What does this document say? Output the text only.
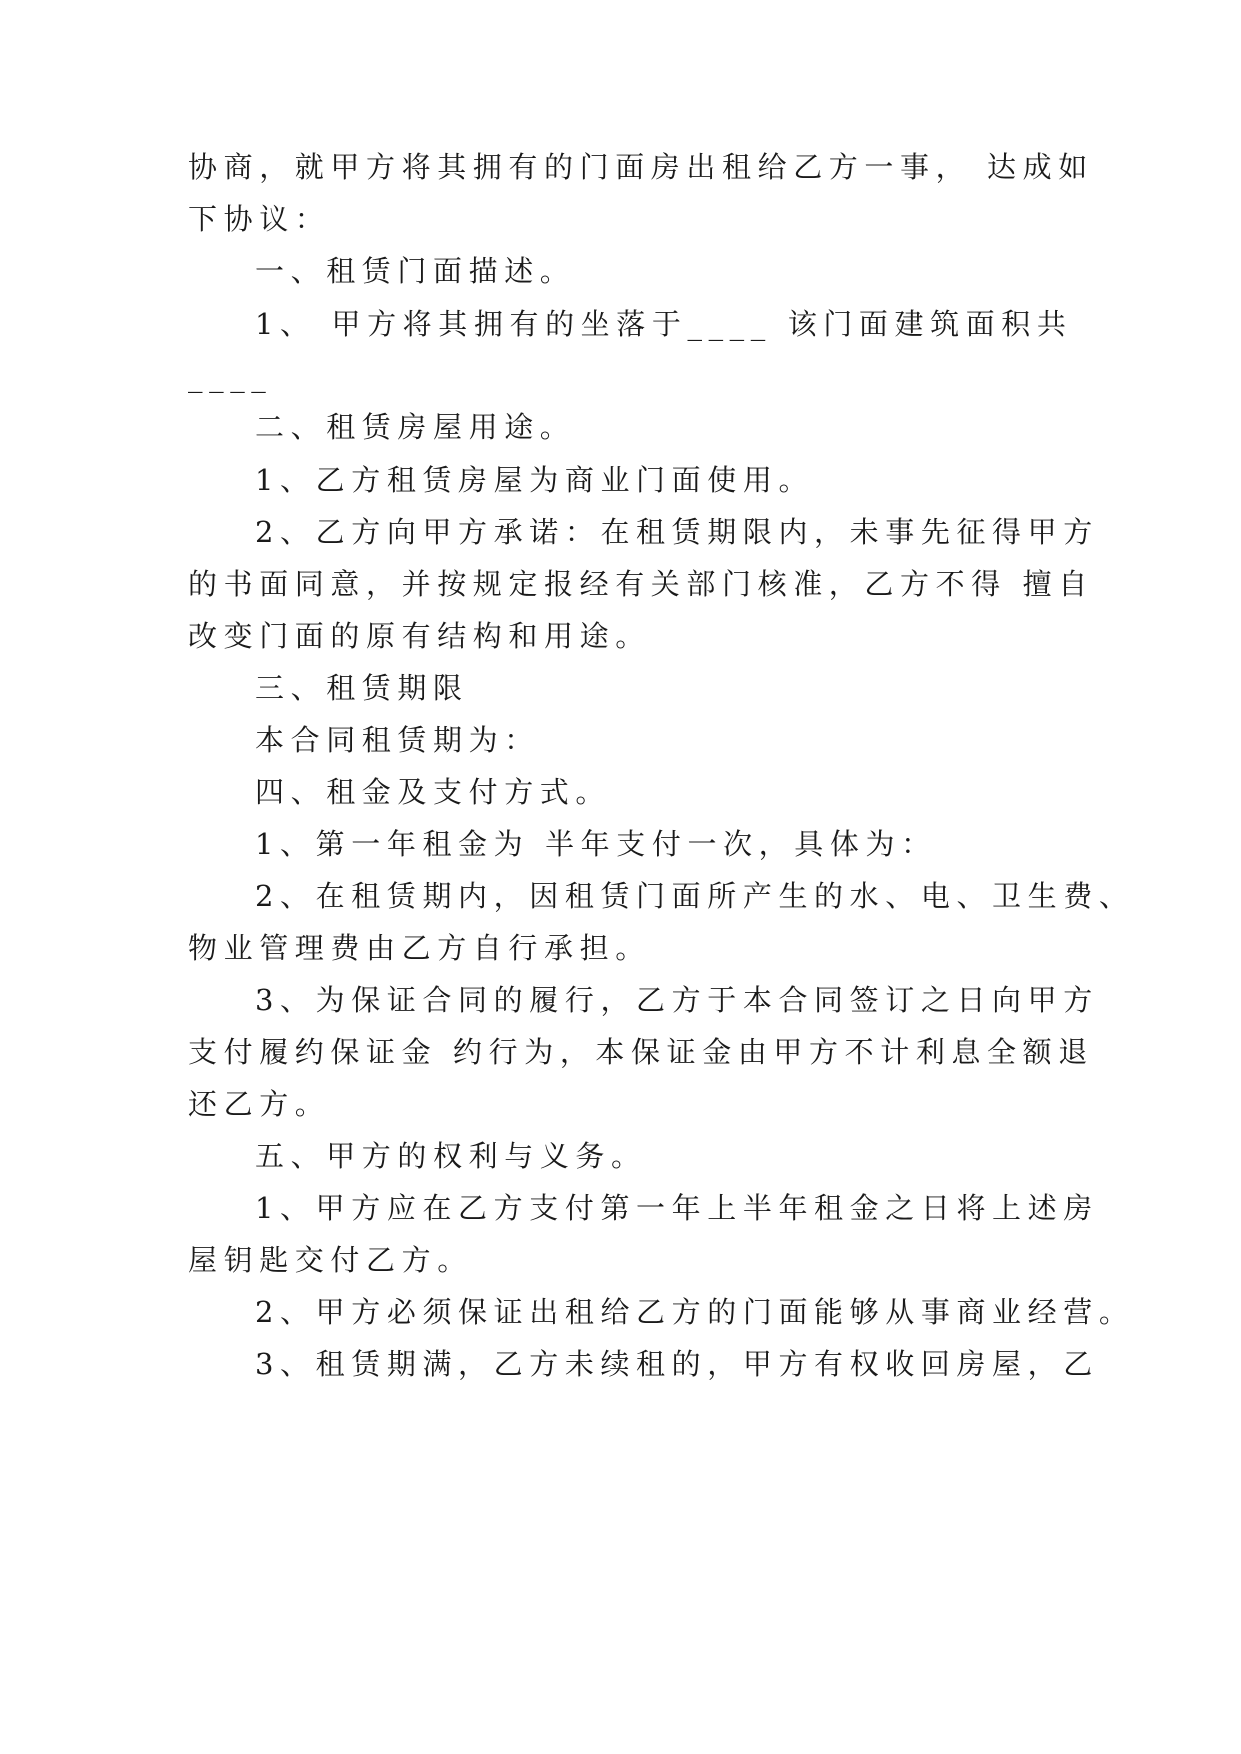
协商，就甲方将其拥有的门面房出租给乙方一事， 达成如
下协议：
一、租赁门面描述。
1、 甲方将其拥有的坐落于____ 该门面建筑面积共
____
二、租赁房屋用途。
1、乙方租赁房屋为商业门面使用。
2、乙方向甲方承诺：在租赁期限内，未事先征得甲方
的书面同意，并按规定报经有关部门核准，乙方不得 擅自
改变门面的原有结构和用途。
三、租赁期限
本合同租赁期为：
四、租金及支付方式。
1、第一年租金为 半年支付一次，具体为：
2、在租赁期内，因租赁门面所产生的水、电、卫生费、
物业管理费由乙方自行承担。
3、为保证合同的履行，乙方于本合同签订之日向甲方
支付履约保证金 约行为，本保证金由甲方不计利息全额退
还乙方。
五、甲方的权利与义务。
1、甲方应在乙方支付第一年上半年租金之日将上述房
屋钥匙交付乙方。
2、甲方必须保证出租给乙方的门面能够从事商业经营。
3、租赁期满，乙方未续租的，甲方有权收回房屋，乙
